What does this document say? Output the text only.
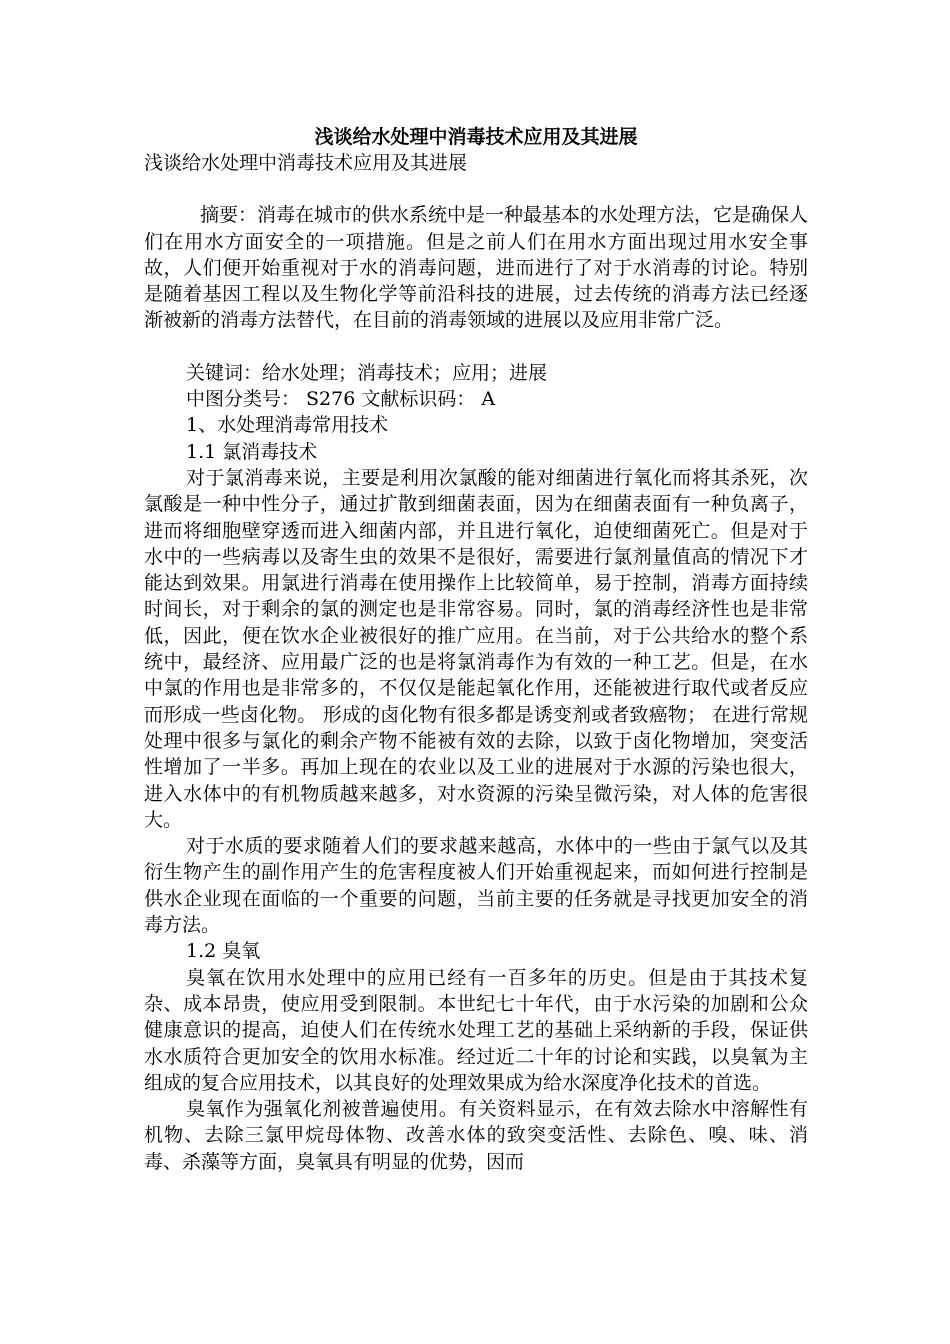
浅谈给水处理中消毒技术应用及其进展

浅谈给水处理中消毒技术应用及其进展

摘要：消毒在城市的供水系统中是一种最基本的水处理方法，它是确保人们在用水方面安全的一项措施。但是之前人们在用水方面出现过用水安全事故，人们便开始重视对于水的消毒问题，进而进行了对于水消毒的讨论。特别是随着基因工程以及生物化学等前沿科技的进展，过去传统的消毒方法已经逐渐被新的消毒方法替代，在目前的消毒领域的进展以及应用非常广泛。

关键词：给水处理；消毒技术；应用；进展

中图分类号： S276 文献标识码： A

1、水处理消毒常用技术

1.1 氯消毒技术

对于氯消毒来说，主要是利用次氯酸的能对细菌进行氧化而将其杀死，次氯酸是一种中性分子，通过扩散到细菌表面，因为在细菌表面有一种负离子，进而将细胞壁穿透而进入细菌内部，并且进行氧化，迫使细菌死亡。但是对于水中的一些病毒以及寄生虫的效果不是很好，需要进行氯剂量值高的情况下才能达到效果。用氯进行消毒在使用操作上比较简单，易于控制，消毒方面持续时间长，对于剩余的氯的测定也是非常容易。同时，氯的消毒经济性也是非常低，因此，便在饮水企业被很好的推广应用。在当前，对于公共给水的整个系统中，最经济、应用最广泛的也是将氯消毒作为有效的一种工艺。但是，在水中氯的作用也是非常多的，不仅仅是能起氧化作用，还能被进行取代或者反应而形成一些卤化物。 形成的卤化物有很多都是诱变剂或者致癌物； 在进行常规处理中很多与氯化的剩余产物不能被有效的去除，以致于卤化物增加，突变活性增加了一半多。再加上现在的农业以及工业的进展对于水源的污染也很大，进入水体中的有机物质越来越多，对水资源的污染呈微污染，对人体的危害很大。

对于水质的要求随着人们的要求越来越高，水体中的一些由于氯气以及其衍生物产生的副作用产生的危害程度被人们开始重视起来，而如何进行控制是供水企业现在面临的一个重要的问题，当前主要的任务就是寻找更加安全的消毒方法。

1.2 臭氧

臭氧在饮用水处理中的应用已经有一百多年的历史。但是由于其技术复杂、成本昂贵，使应用受到限制。本世纪七十年代，由于水污染的加剧和公众健康意识的提高，迫使人们在传统水处理工艺的基础上采纳新的手段，保证供水水质符合更加安全的饮用水标准。经过近二十年的讨论和实践，以臭氧为主组成的复合应用技术，以其良好的处理效果成为给水深度净化技术的首选。

臭氧作为强氧化剂被普遍使用。有关资料显示，在有效去除水中溶解性有机物、去除三氯甲烷母体物、改善水体的致突变活性、去除色、嗅、味、消毒、杀藻等方面，臭氧具有明显的优势，因而
